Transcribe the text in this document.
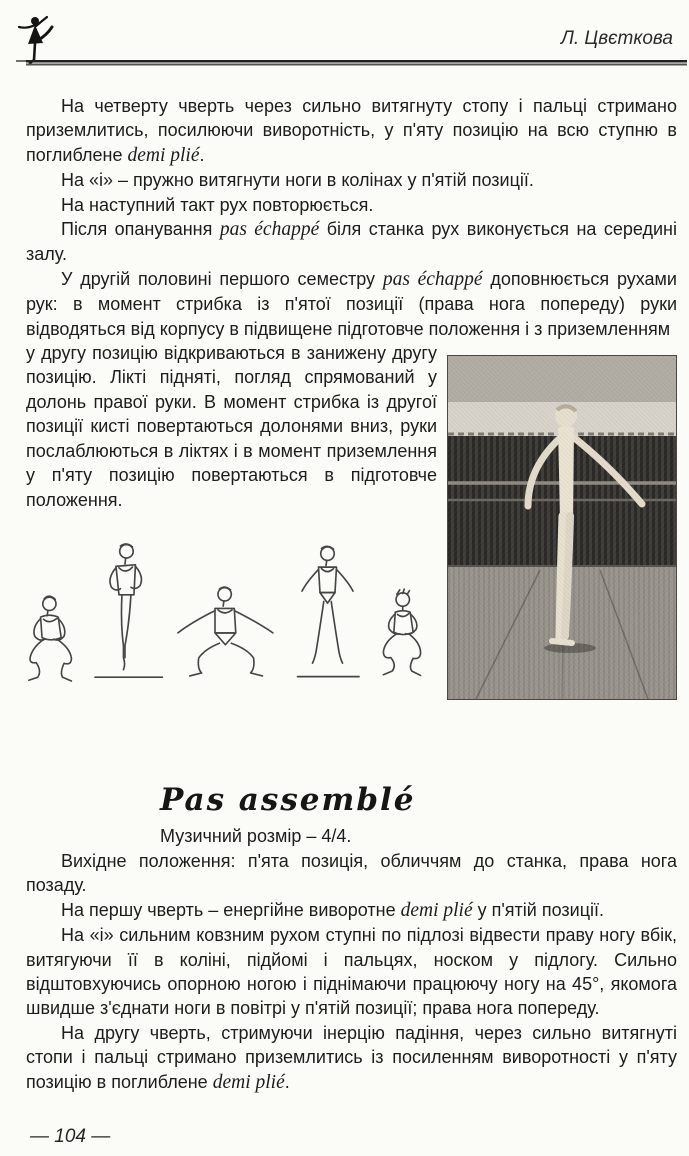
Л. Цвєткова

На четверту чверть через сильно витягнуту стопу і пальці стримано приземлитись, посилюючи виворотність, у п'яту позицію на всю ступню в поглиблене demi plié.

На «і» – пружно витягнути ноги в колінах у п'ятій позиції.

На наступний такт рух повторюється.

Після опанування pas échappé біля станка рух виконується на середині залу.

У другій половині першого семестру pas échappé доповнюється рухами рук: в момент стрибка із п'ятої позиції (права нога попереду) руки відводяться від корпусу в підвищене підготовче положення і з приземленням

у другу позицію відкриваються в занижену другу позицію. Лікті підняті, погляд спрямований у долонь правої руки. В момент стрибка із другої позиції кисті повертаються долонями вниз, руки послаблюються в ліктях і в момент приземлення у п'яту позицію повертаються в підготовче положення.

Pas assemblé

Музичний розмір – 4/4.

Вихідне положення: п'ята позиція, обличчям до станка, права нога позаду.

На першу чверть – енергійне виворотне demi plié у п'ятій позиції.

На «і» сильним ковзним рухом ступні по підлозі відвести праву ногу вбік, витягуючи її в коліні, підйомі і пальцях, носком у підлогу. Сильно відштовхуючись опорною ногою і піднімаючи працюючу ногу на 45°, якомога швидше з'єднати ноги в повітрі у п'ятій позиції; права нога попереду.

На другу чверть, стримуючи інерцію падіння, через сильно витягнуті стопи і пальці стримано приземлитись із посиленням виворотності у п'яту позицію в поглиблене demi plié.

— 104 —
